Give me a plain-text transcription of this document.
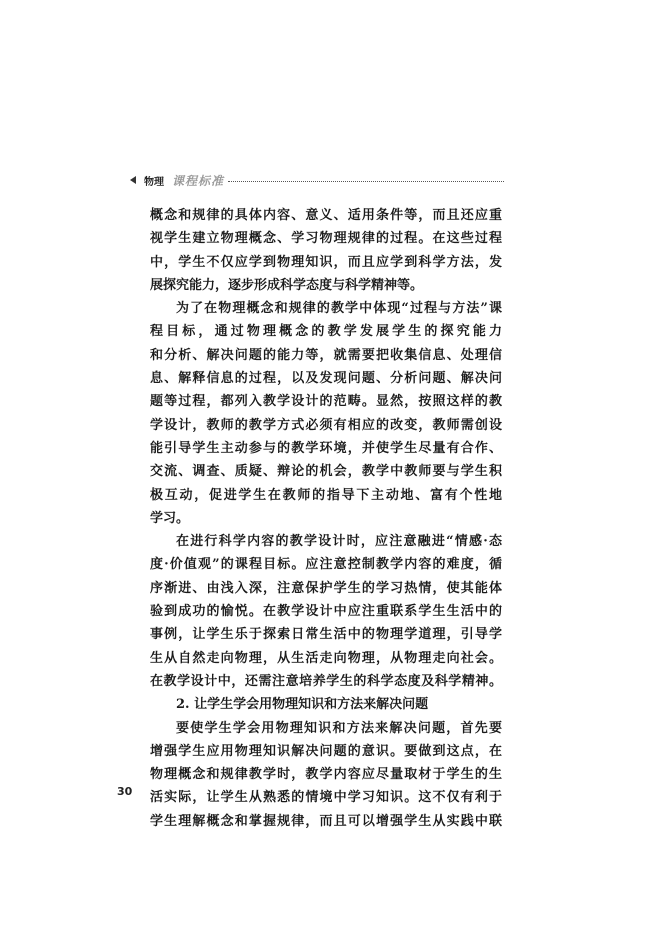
物理 课程标准
概念和规律的具体内容、意义、适用条件等，而且还应重
视学生建立物理概念、学习物理规律的过程。在这些过程
中，学生不仅应学到物理知识，而且应学到科学方法，发
展探究能力，逐步形成科学态度与科学精神等。
为了在物理概念和规律的教学中体现“过程与方法”课
程目标，通过物理概念的教学发展学生的探究能力
和分析、解决问题的能力等，就需要把收集信息、处理信
息、解释信息的过程，以及发现问题、分析问题、解决问
题等过程，都列入教学设计的范畴。显然，按照这样的教
学设计，教师的教学方式必须有相应的改变，教师需创设
能引导学生主动参与的教学环境，并使学生尽量有合作、
交流、调查、质疑、辩论的机会，教学中教师要与学生积
极互动，促进学生在教师的指导下主动地、富有个性地
学习。
在进行科学内容的教学设计时，应注意融进“情感·态
度·价值观”的课程目标。应注意控制教学内容的难度，循
序渐进、由浅入深，注意保护学生的学习热情，使其能体
验到成功的愉悦。在教学设计中应注重联系学生生活中的
事例，让学生乐于探索日常生活中的物理学道理，引导学
生从自然走向物理，从生活走向物理，从物理走向社会。
在教学设计中，还需注意培养学生的科学态度及科学精神。
2. 让学生学会用物理知识和方法来解决问题
要使学生学会用物理知识和方法来解决问题，首先要
增强学生应用物理知识解决问题的意识。要做到这点，在
物理概念和规律教学时，教学内容应尽量取材于学生的生
活实际，让学生从熟悉的情境中学习知识。这不仅有利于
学生理解概念和掌握规律，而且可以增强学生从实践中联
30
